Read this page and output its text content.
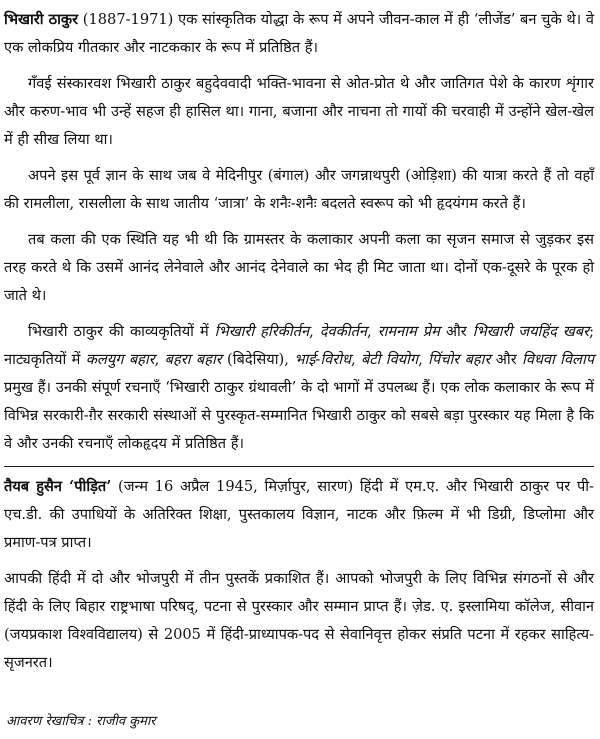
भिखारी ठाकुर (1887-1971) एक सांस्कृतिक योद्धा के रूप में अपने जीवन-काल में ही ‘लीजेंड’ बन चुके थे। वे एक लोकप्रिय गीतकार और नाटककार के रूप में प्रतिष्ठित हैं।

गँवई संस्कारवश भिखारी ठाकुर बहुदेववादी भक्ति-भावना से ओत-प्रोत थे और जातिगत पेशे के कारण शृंगार और करुण-भाव भी उन्हें सहज ही हासिल था। गाना, बजाना और नाचना तो गायों की चरवाही में उन्होंने खेल-खेल में ही सीख लिया था।

अपने इस पूर्व ज्ञान के साथ जब वे मेदिनीपुर (बंगाल) और जगन्नाथपुरी (ओड़िशा) की यात्रा करते हैं तो वहाँ की रामलीला, रासलीला के साथ जातीय ‘जात्रा’ के शनैः-शनैः बदलते स्वरूप को भी हृदयंगम करते हैं।

तब कला की एक स्थिति यह भी थी कि ग्रामस्तर के कलाकार अपनी कला का सृजन समाज से जुड़कर इस तरह करते थे कि उसमें आनंद लेनेवाले और आनंद देनेवाले का भेद ही मिट जाता था। दोनों एक-दूसरे के पूरक हो जाते थे।

भिखारी ठाकुर की काव्यकृतियों में भिखारी हरिकीर्तन, देवकीर्तन, रामनाम प्रेम और भिखारी जयहिंद खबर; नाट्यकृतियों में कलयुग बहार, बहरा बहार (बिदेसिया), भाई-विरोध, बेटी वियोग, पिंचोर बहार और विधवा विलाप प्रमुख हैं। उनकी संपूर्ण रचनाएँ ‘भिखारी ठाकुर ग्रंथावली’ के दो भागों में उपलब्ध हैं। एक लोक कलाकार के रूप में विभिन्न सरकारी-ग़ैर सरकारी संस्थाओं से पुरस्कृत-सम्मानित भिखारी ठाकुर को सबसे बड़ा पुरस्कार यह मिला है कि वे और उनकी रचनाएँ लोकहृदय में प्रतिष्ठित हैं।

तैयब हुसैन ‘पीड़ित’ (जन्म 16 अप्रैल 1945, मिर्ज़ापुर, सारण) हिंदी में एम.ए. और भिखारी ठाकुर पर पी-एच.डी. की उपाधियों के अतिरिक्त शिक्षा, पुस्तकालय विज्ञान, नाटक और फ़िल्म में भी डिग्री, डिप्लोमा और प्रमाण-पत्र प्राप्त।

आपकी हिंदी में दो और भोजपुरी में तीन पुस्तकें प्रकाशित हैं। आपको भोजपुरी के लिए विभिन्न संगठनों से और हिंदी के लिए बिहार राष्ट्रभाषा परिषद्, पटना से पुरस्कार और सम्मान प्राप्त हैं। ज़ेड. ए. इस्लामिया कॉलेज, सीवान (जयप्रकाश विश्वविद्यालय) से 2005 में हिंदी-प्राध्यापक-पद से सेवानिवृत्त होकर संप्रति पटना में रहकर साहित्य-सृजनरत।

आवरण रेखाचित्र : राजीव कुमार
